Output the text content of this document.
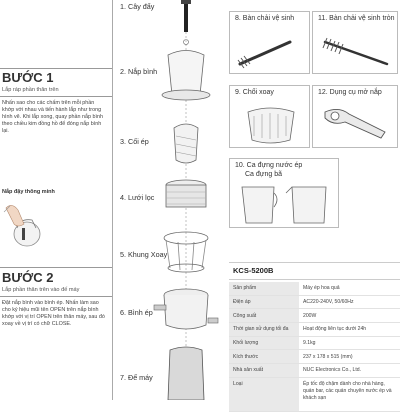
BƯỚC 1
Lắp ráp phần thân trên
Nhấn sao cho các chấm trên mỗi phần khớp với nhau và tiến hành lắp như trong hình vẽ. Khi lắp xong, quay phần nắp bình theo chiều kim đồng hồ để đóng nắp bình lại.
Nắp đậy thông minh
BƯỚC 2
Lắp phần thân trên vào đế máy
Đặt nắp bình vào bình ép. Nhấn làm sao cho ký hiệu mũi tên OPEN trên nắp bình khớp với vị trí OPEN trên thân máy, sau đó xoay về vị trí có chữ CLOSE.
1. Cây đẩy
2. Nắp bình
3. Cối ép
4. Lưới lọc
5. Khung Xoay
6. Bình ép
7. Đế máy
8. Bàn chải vệ sinh	11. Bàn chải vệ sinh tròn
9. Chổi xoay	12. Dụng cụ mở nắp
10. Ca đựng nước ép
Ca đựng bã
KCS-5200B
Sản phẩm	Máy ép hoa quả
Điện áp	AC220-240V, 50/60Hz
Công suất	200W
Thời gian sử dụng tối đa	Hoạt động liên tục dưới 24h
Khối lượng	9.1kg
Kích thước	237 x 178 x 515 (mm)
Nhà sản xuất	NUC Electronics Co., Ltd.
Loại	Ép tốc độ chậm dành cho nhà hàng, quán bar, các quán chuyên nước ép và khách sạn
